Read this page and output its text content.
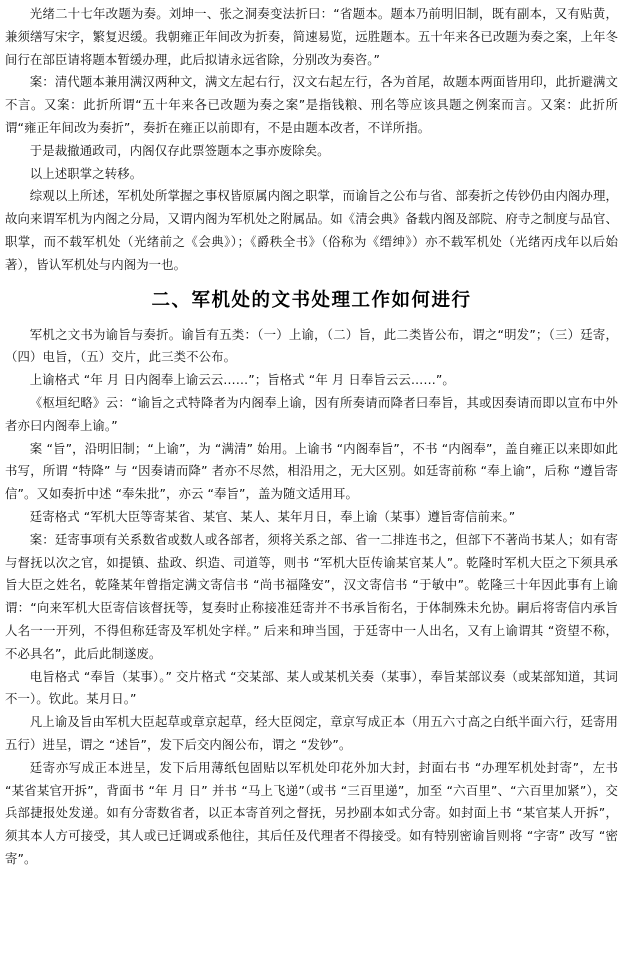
光绪二十七年改题为奏。刘坤一、张之洞奏变法折曰：“省题本。题本乃前明旧制，既有副本，又有贴黄，兼须缮写宋字，繁复迟缓。我朝雍正年间改为折奏，简速易览，远胜题本。五十年来各已改题为奏之案，上年冬间行在部臣请将题本暂缓办理，此后拟请永远省除，分别改为奏咨。”

案：清代题本兼用满汉两种文，满文左起右行，汉文右起左行，各为首尾，故题本两面皆用印，此折避满文不言。又案：此折所谓“五十年来各已改题为奏之案”是指钱粮、刑名等应该具题之例案而言。又案：此折所谓“雍正年间改为奏折”，奏折在雍正以前即有，不是由题本改者，不详所指。

于是裁撤通政司，内阁仅存此票签题本之事亦废除矣。

以上述职掌之转移。

综观以上所述，军机处所掌握之事权皆原属内阁之职掌，而谕旨之公布与省、部奏折之传钞仍由内阁办理，故向来谓军机为内阁之分局，又谓内阁为军机处之附属品。如《清会典》备载内阁及部院、府寺之制度与品官、职掌，而不载军机处（光绪前之《会典》）；《爵秩全书》（俗称为《缙绅》）亦不载军机处（光绪丙戌年以后始著），皆认军机处与内阁为一也。

二、军机处的文书处理工作如何进行

军机之文书为谕旨与奏折。谕旨有五类：（一）上谕，（二）旨，此二类皆公布，谓之“明发”；（三）廷寄，（四）电旨，（五）交片，此三类不公布。

上谕格式 “年 月 日内阁奉上谕云云……”；旨格式 “年 月 日奉旨云云……”。

《枢垣纪略》云：“谕旨之式特降者为内阁奉上谕，因有所奏请而降者曰奉旨，其或因奏请而即以宣布中外者亦曰内阁奉上谕。”

案 “旨”，沿明旧制；“上谕”，为 “满清” 始用。上谕书 “内阁奉旨”，不书 “内阁奉”，盖自雍正以来即如此书写，所谓 “特降” 与 “因奏请而降” 者亦不尽然，相沿用之，无大区别。如廷寄前称 “奉上谕”，后称 “遵旨寄信”。又如奏折中述 “奉朱批”，亦云 “奉旨”，盖为随文适用耳。

廷寄格式 “军机大臣等寄某省、某官、某人、某年月日，奉上谕（某事）遵旨寄信前来。”

案：廷寄事项有关系数省或数人或各部者，须将关系之部、省一二排连书之，但部下不著尚书某人；如有寄与督抚以次之官，如提镇、盐政、织造、司道等，则书 “军机大臣传谕某官某人”。乾隆时军机大臣之下须具承旨大臣之姓名，乾隆某年曾指定满文寄信书 “尚书福隆安”，汉文寄信书 “于敏中”。乾隆三十年因此事有上谕谓：“向来军机大臣寄信该督抚等，复奏时止称接准廷寄并不书承旨衔名，于体制殊未允协。嗣后将寄信内承旨人名一一开列，不得但称廷寄及军机处字样。” 后来和珅当国，于廷寄中一人出名，又有上谕谓其 “资望不称，不必具名”，此后此制遂废。

电旨格式 “奉旨（某事）。” 交片格式 “交某部、某人或某机关奏（某事），奉旨某部议奏（或某部知道，其词不一）。钦此。某月日。”

凡上谕及旨由军机大臣起草或章京起草，经大臣阅定，章京写成正本（用五六寸高之白纸半面六行，廷寄用五行）进呈，谓之 “述旨”，发下后交内阁公布，谓之 “发钞”。

廷寄亦写成正本进呈，发下后用薄纸包固贴以军机处印花外加大封，封面右书 “办理军机处封寄”，左书 “某省某官开拆”，背面书 “年 月 日” 并书 “马上飞递”（或书 “三百里递”，加至 “六百里”、“六百里加紧”），交兵部捷报处发递。如有分寄数省者，以正本寄首列之督抚，另抄副本如式分寄。如封面上书 “某官某人开拆”，须其本人方可接受，其人或已迁调或系他往，其后任及代理者不得接受。如有特别密谕旨则将 “字寄” 改写 “密寄”。
